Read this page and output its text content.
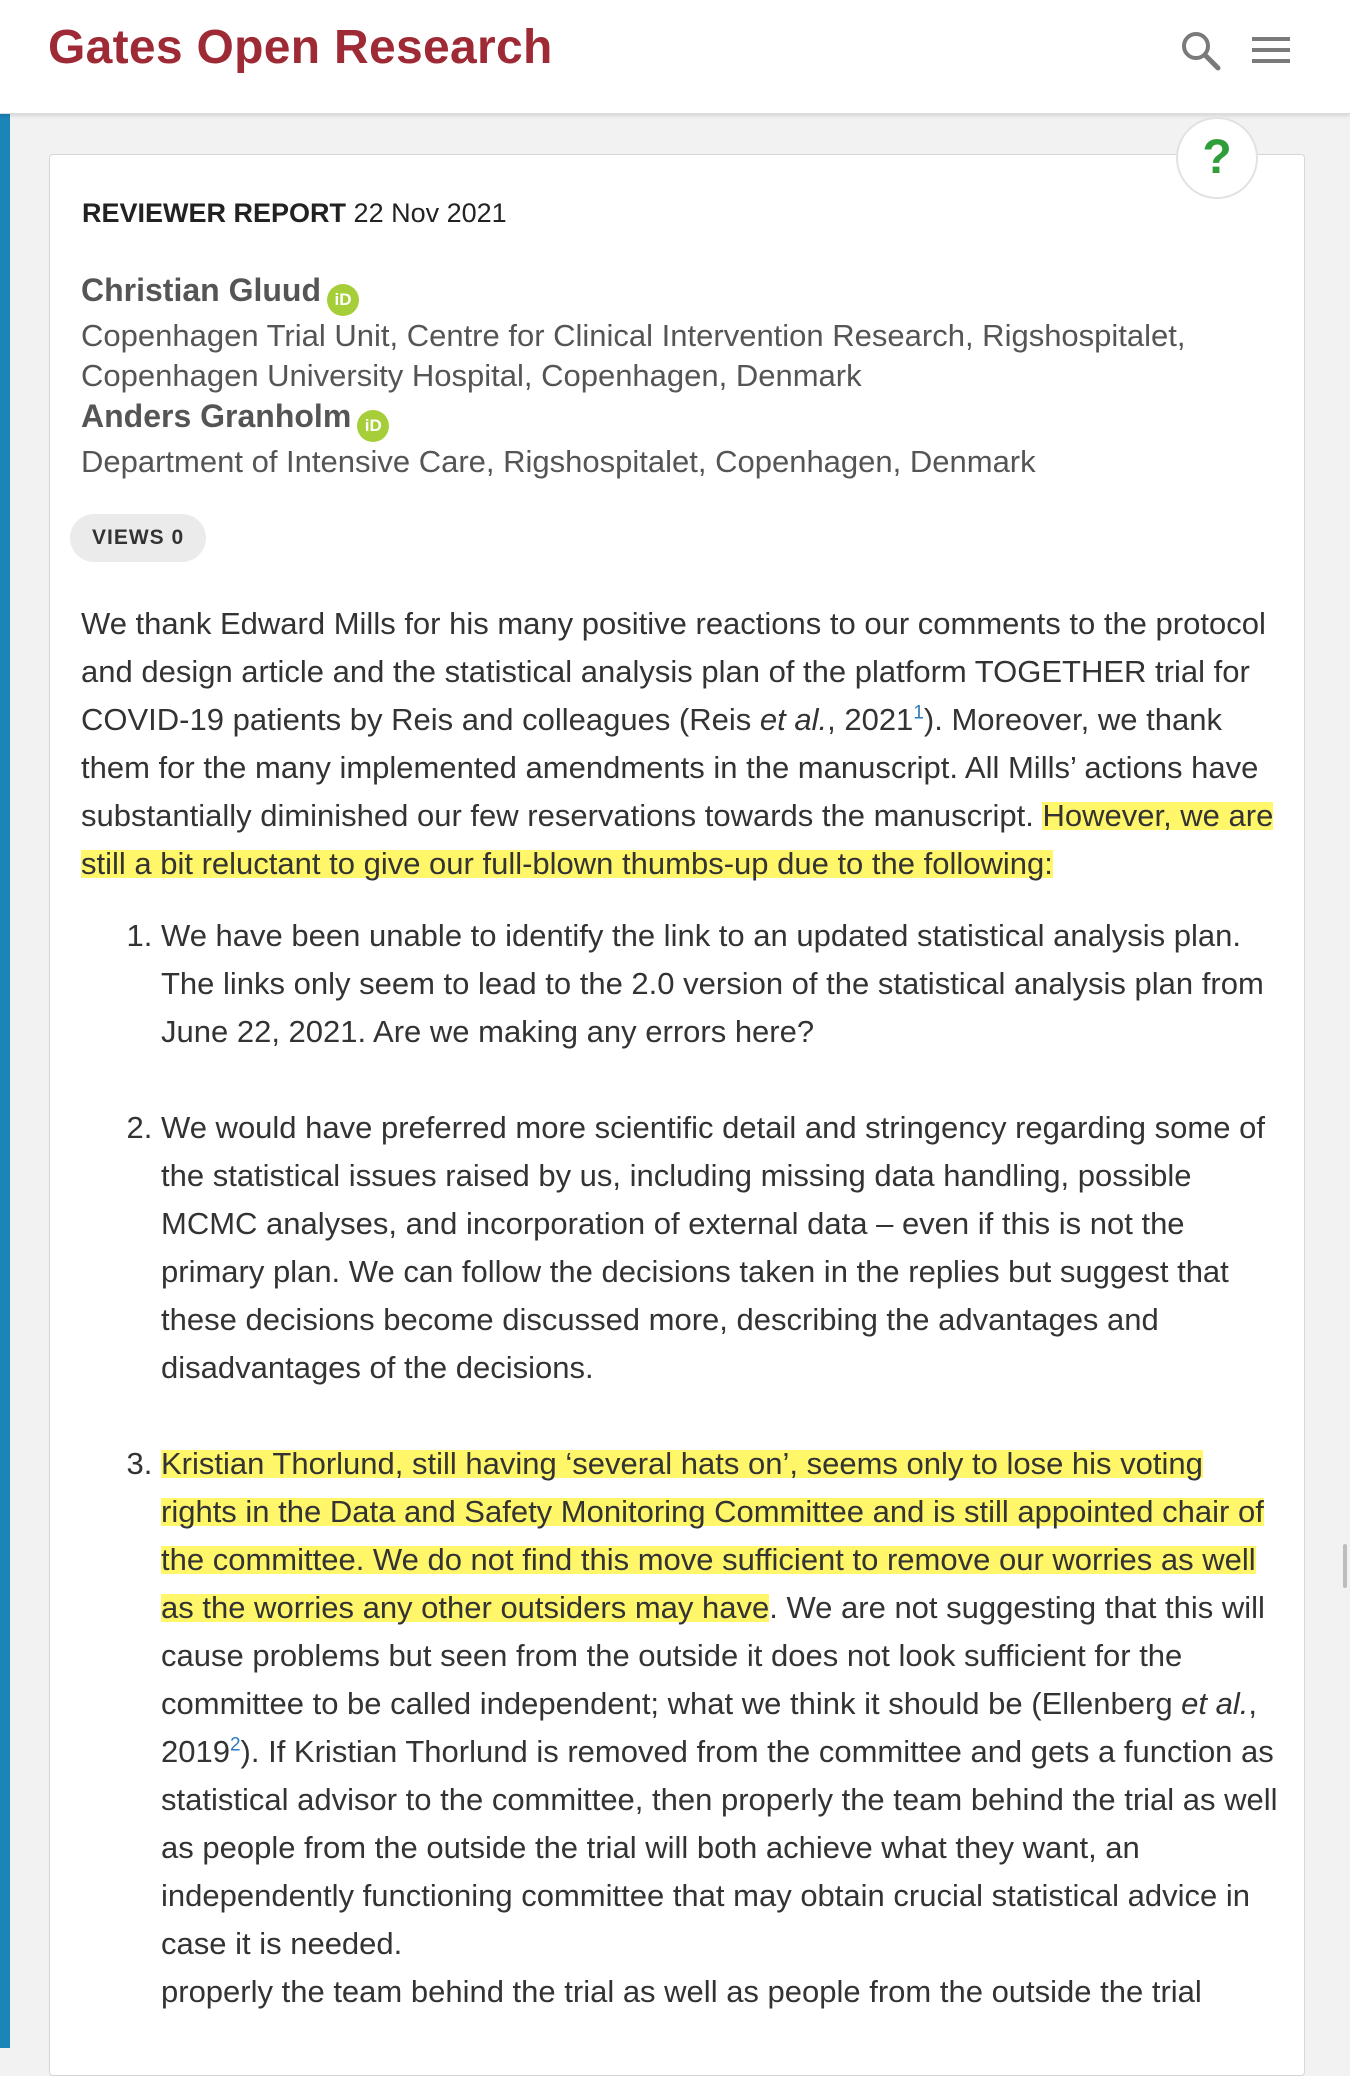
Gates Open Research
?
REVIEWER REPORT 22 Nov 2021
Christian Gluud iD
Copenhagen Trial Unit, Centre for Clinical Intervention Research, Rigshospitalet, Copenhagen University Hospital, Copenhagen, Denmark
Anders Granholm iD
Department of Intensive Care, Rigshospitalet, Copenhagen, Denmark
VIEWS 0

We thank Edward Mills for his many positive reactions to our comments to the protocol and design article and the statistical analysis plan of the platform TOGETHER trial for COVID-19 patients by Reis and colleagues (Reis et al., 2021$^1$). Moreover, we thank them for the many implemented amendments in the manuscript. All Mills’ actions have substantially diminished our few reservations towards the manuscript. However, we are still a bit reluctant to give our full-blown thumbs-up due to the following:

1. We have been unable to identify the link to an updated statistical analysis plan. The links only seem to lead to the 2.0 version of the statistical analysis plan from June 22, 2021. Are we making any errors here?
2. We would have preferred more scientific detail and stringency regarding some of the statistical issues raised by us, including missing data handling, possible MCMC analyses, and incorporation of external data – even if this is not the primary plan. We can follow the decisions taken in the replies but suggest that these decisions become discussed more, describing the advantages and disadvantages of the decisions.
3. Kristian Thorlund, still having ‘several hats on’, seems only to lose his voting rights in the Data and Safety Monitoring Committee and is still appointed chair of the committee. We do not find this move sufficient to remove our worries as well as the worries any other outsiders may have. We are not suggesting that this will cause problems but seen from the outside it does not look sufficient for the committee to be called independent; what we think it should be (Ellenberg et al., 2019$^2$). If Kristian Thorlund is removed from the committee and gets a function as statistical advisor to the committee, then properly the team behind the trial as well as people from the outside the trial will both achieve what they want, an independently functioning committee that may obtain crucial statistical advice in case it is needed.
properly the team behind the trial as well as people from the outside the trial
